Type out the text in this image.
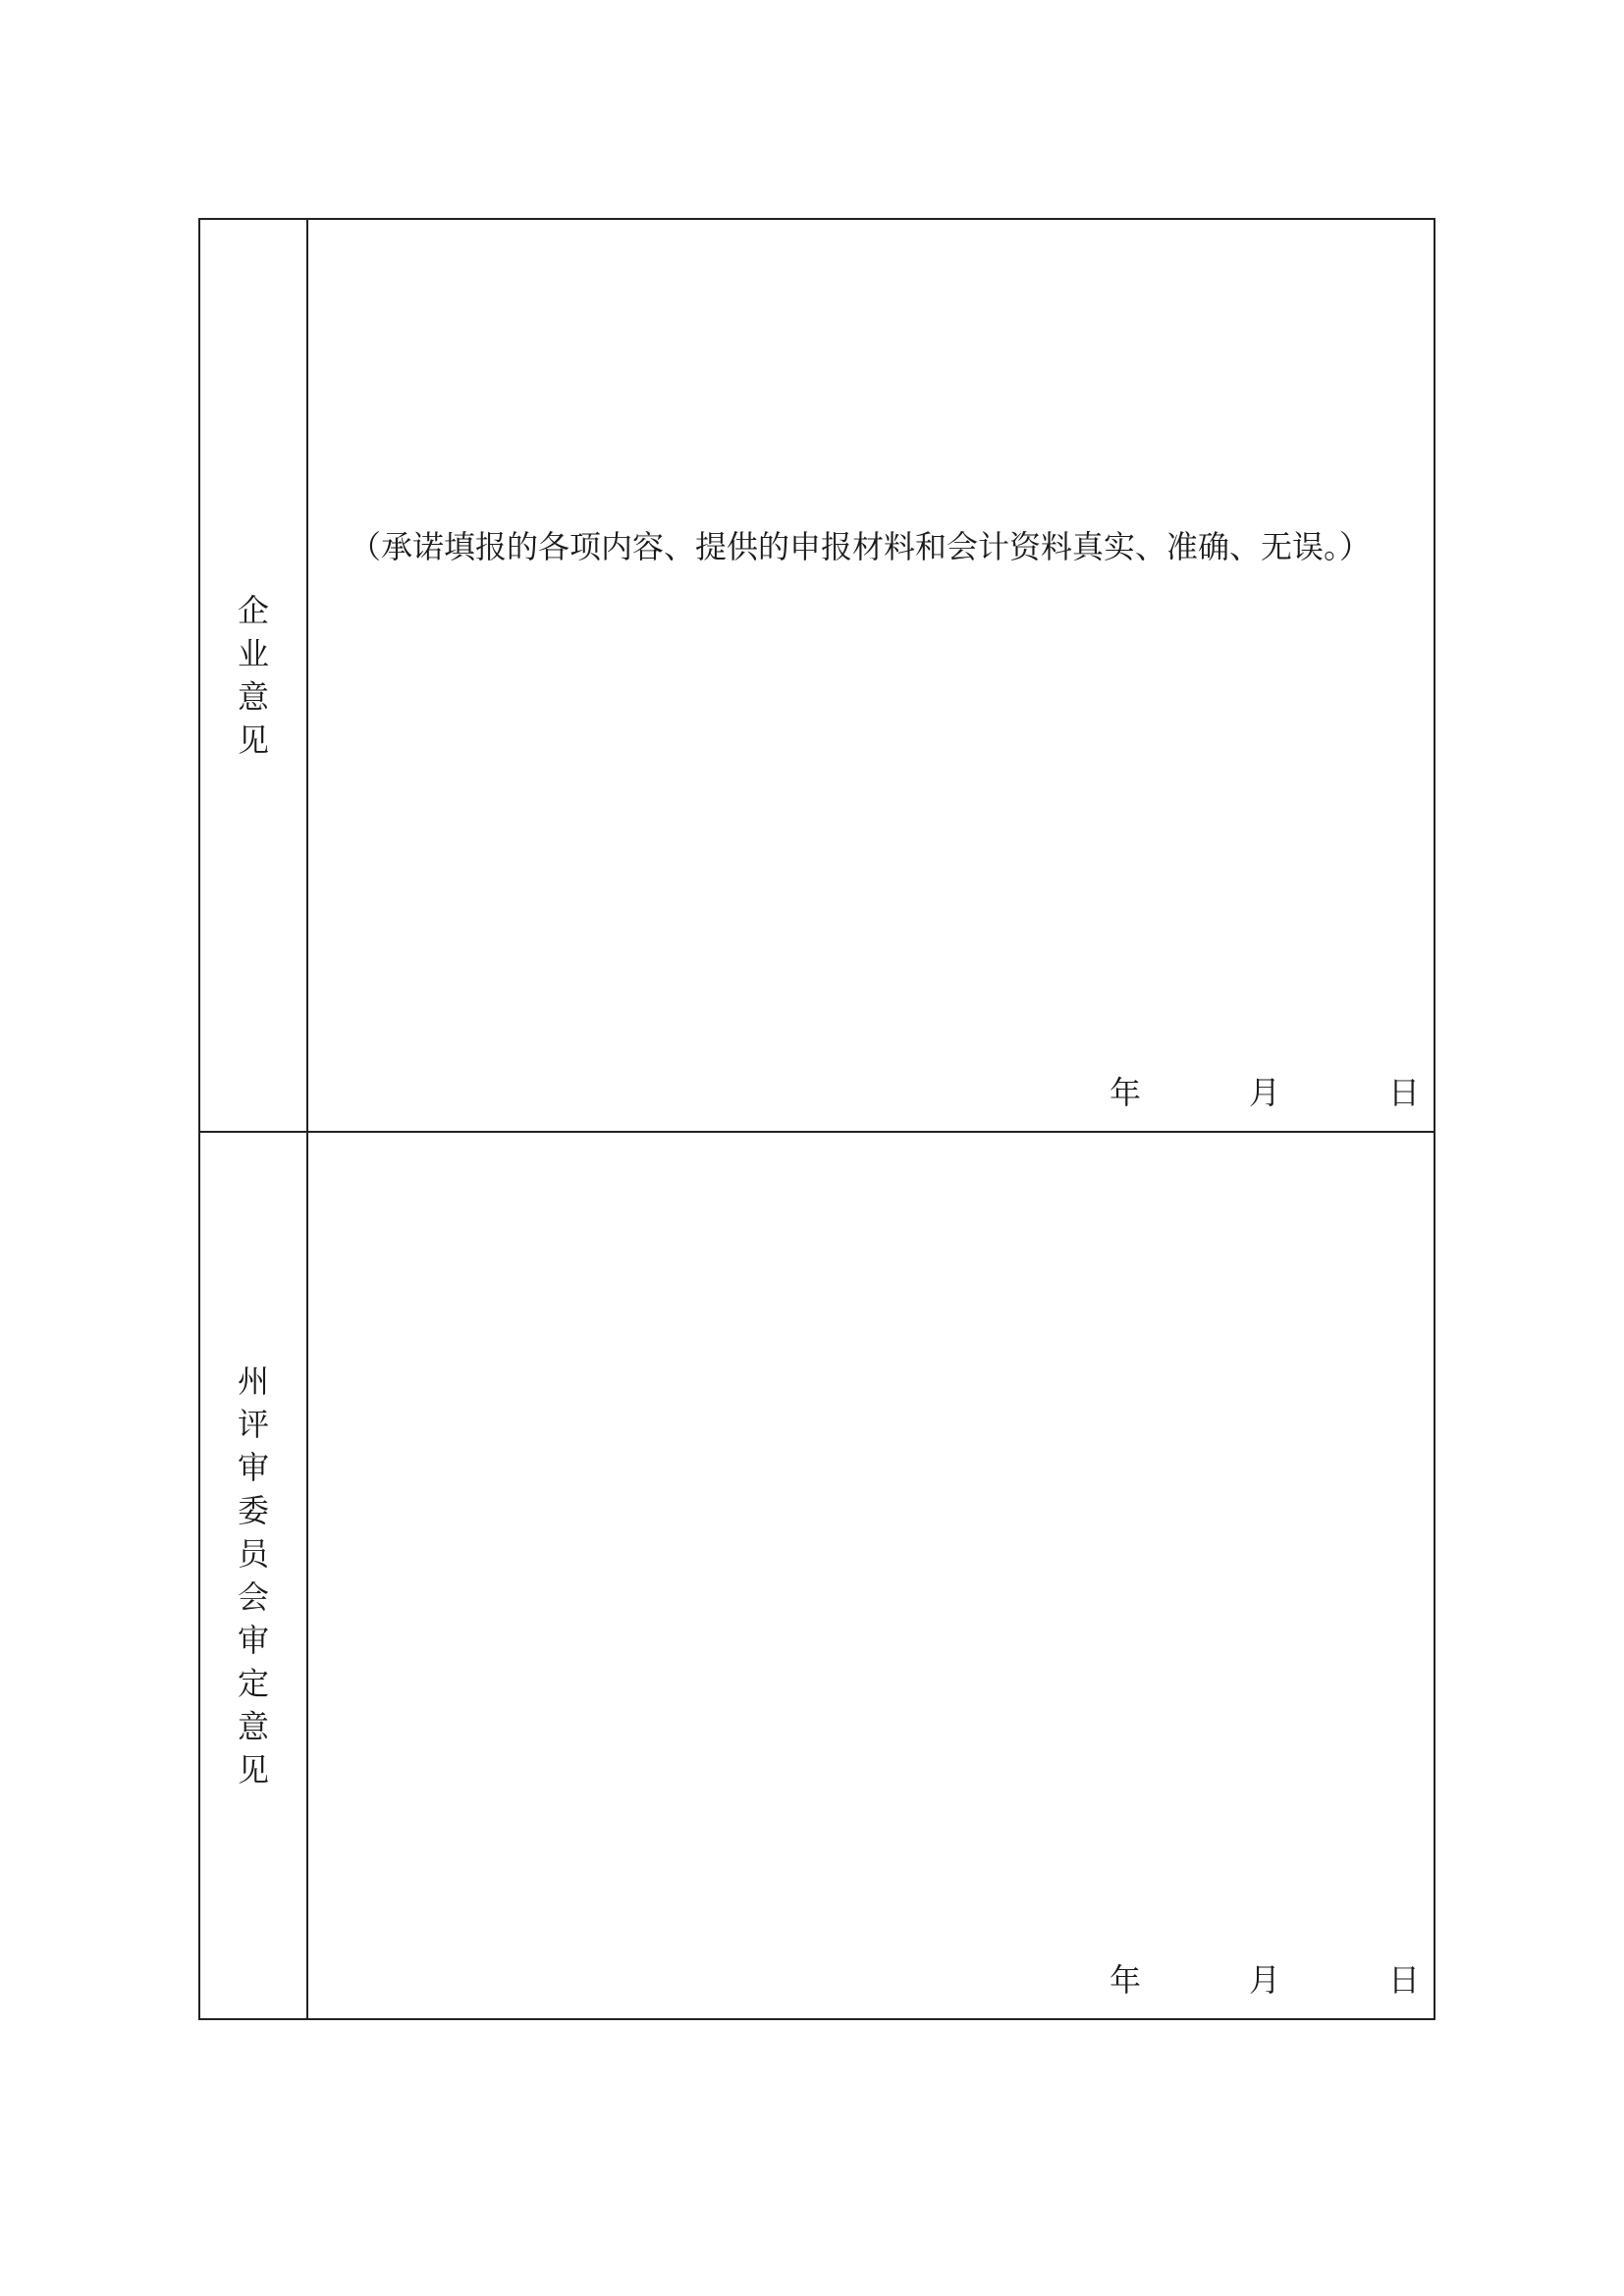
企
业
意
见
（承诺填报的各项内容、提供的申报材料和会计资料真实、准确、无误。）
年	月	日
州
评
审
委
员
会
审
定
意
见
年	月	日
